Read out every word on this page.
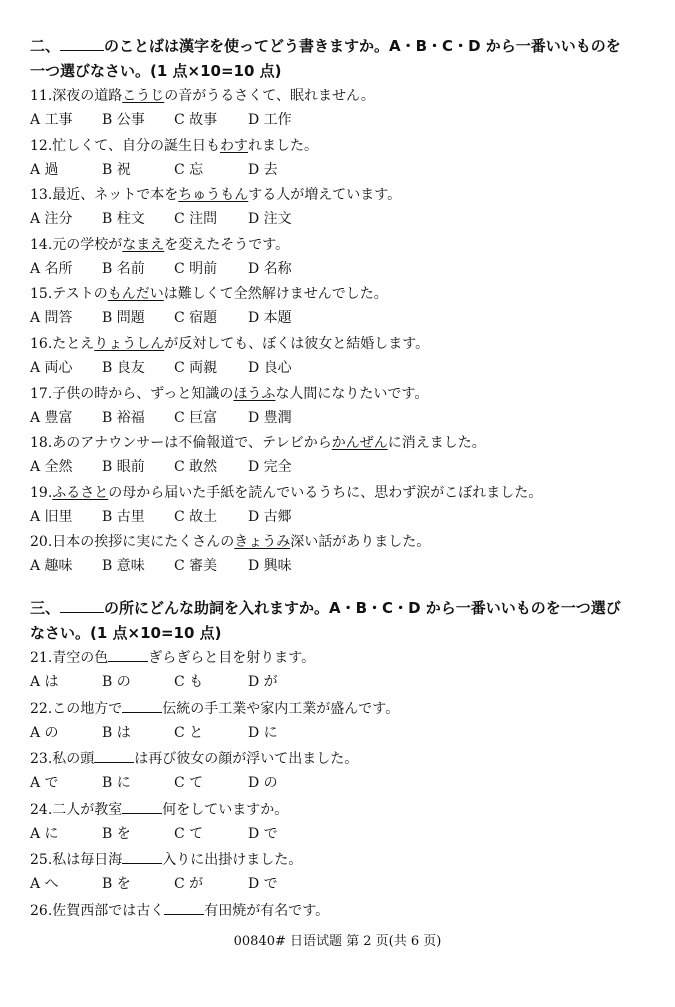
二、	のことばは漢字を使ってどう書きますか。A・B・C・D から一番いいものを
一つ選びなさい。(1 点×10=10 点)
11.深夜の道路こうじの音がうるさくて、眠れません。
A 工事 B 公事 C 故事 D 工作
12.忙しくて、自分の誕生日もわすれました。
A 過	B 祝	C 忘	D 去
13.最近、ネットで本をちゅうもんする人が増えています。
A 注分 B 柱文 C 注問 D 注文
14.元の学校がなまえを変えたそうです。
A 名所 B 名前 C 明前 D 名称
15.テストのもんだいは難しくて全然解けませんでした。
A 問答 B 問題 C 宿題 D 本題
16.たとえりょうしんが反対しても、ぼくは彼女と結婚します。
A 両心 B 良友 C 両親 D 良心
17.子供の時から、ずっと知識のほうふな人間になりたいです。
A 豊富 B 裕福 C 巨富 D 豊潤
18.あのアナウンサーは不倫報道で、テレビからかんぜんに消えました。
A 全然 B 眼前 C 敢然 D 完全
19.ふるさとの母から届いた手紙を読んでいるうちに、思わず涙がこぼれました。
A 旧里 B 古里 C 故土 D 古郷
20.日本の挨拶に実にたくさんのきょうみ深い話がありました。
A 趣味 B 意味 C 審美 D 興味
三、	の所にどんな助詞を入れますか。A・B・C・D から一番いいものを一つ選び
なさい。(1 点×10=10 点)
21.青空の色	ぎらぎらと目を射ります。
A は	B の	C も	D が
22.この地方で	伝統の手工業や家内工業が盛んです。
A の	B は	C と	D に
23.私の頭	は再び彼女の顔が浮いて出ました。
A で	B に	C て	D の
24.二人が教室	何をしていますか。
A に	B を	C て	D で
25.私は毎日海	入りに出掛けました。
A へ	B を	C が	D で
26.佐賀西部では古く	有田焼が有名です。
00840# 日语试题 第 2 页(共 6 页)
